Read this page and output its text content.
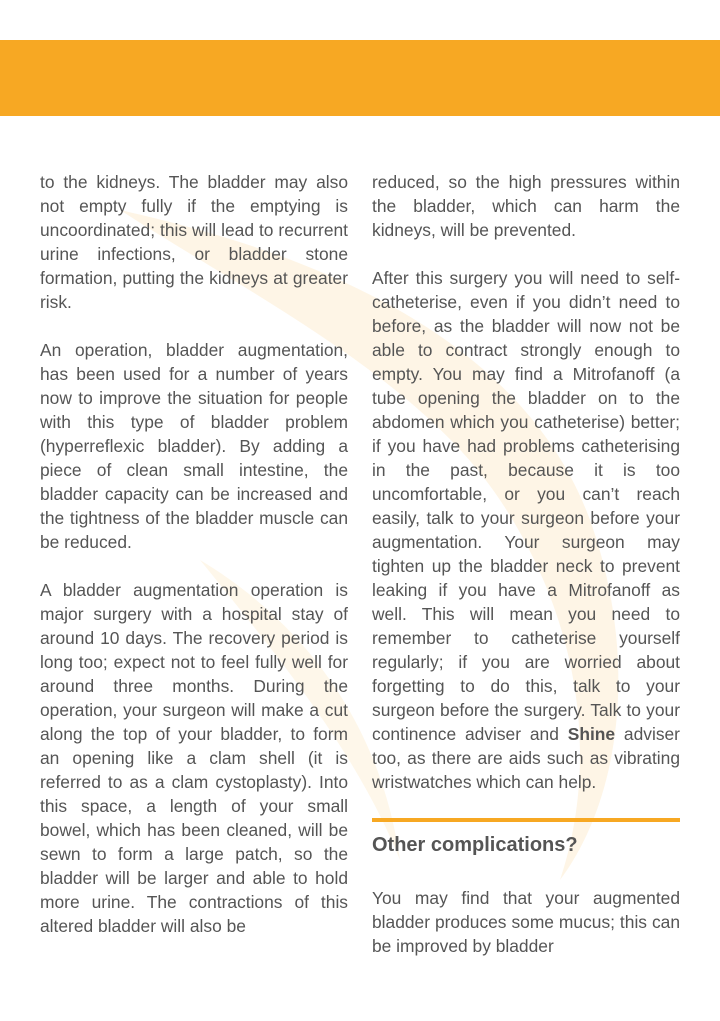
to the kidneys. The bladder may also not empty fully if the emptying is uncoordinated; this will lead to recurrent urine infections, or bladder stone formation, putting the kidneys at greater risk.

An operation, bladder augmentation, has been used for a number of years now to improve the situation for people with this type of bladder problem (hyperreflexic bladder). By adding a piece of clean small intestine, the bladder capacity can be increased and the tightness of the bladder muscle can be reduced.

A bladder augmentation operation is major surgery with a hospital stay of around 10 days. The recovery period is long too; expect not to feel fully well for around three months. During the operation, your surgeon will make a cut along the top of your bladder, to form an opening like a clam shell (it is referred to as a clam cystoplasty). Into this space, a length of your small bowel, which has been cleaned, will be sewn to form a large patch, so the bladder will be larger and able to hold more urine. The contractions of this altered bladder will also be

reduced, so the high pressures within the bladder, which can harm the kidneys, will be prevented.

After this surgery you will need to self-catheterise, even if you didn’t need to before, as the bladder will now not be able to contract strongly enough to empty. You may find a Mitrofanoff (a tube opening the bladder on to the abdomen which you catheterise) better; if you have had problems catheterising in the past, because it is too uncomfortable, or you can’t reach easily, talk to your surgeon before your augmentation. Your surgeon may tighten up the bladder neck to prevent leaking if you have a Mitrofanoff as well. This will mean you need to remember to catheterise yourself regularly; if you are worried about forgetting to do this, talk to your surgeon before the surgery. Talk to your continence adviser and Shine adviser too, as there are aids such as vibrating wristwatches which can help.

Other complications?

You may find that your augmented bladder produces some mucus; this can be improved by bladder
